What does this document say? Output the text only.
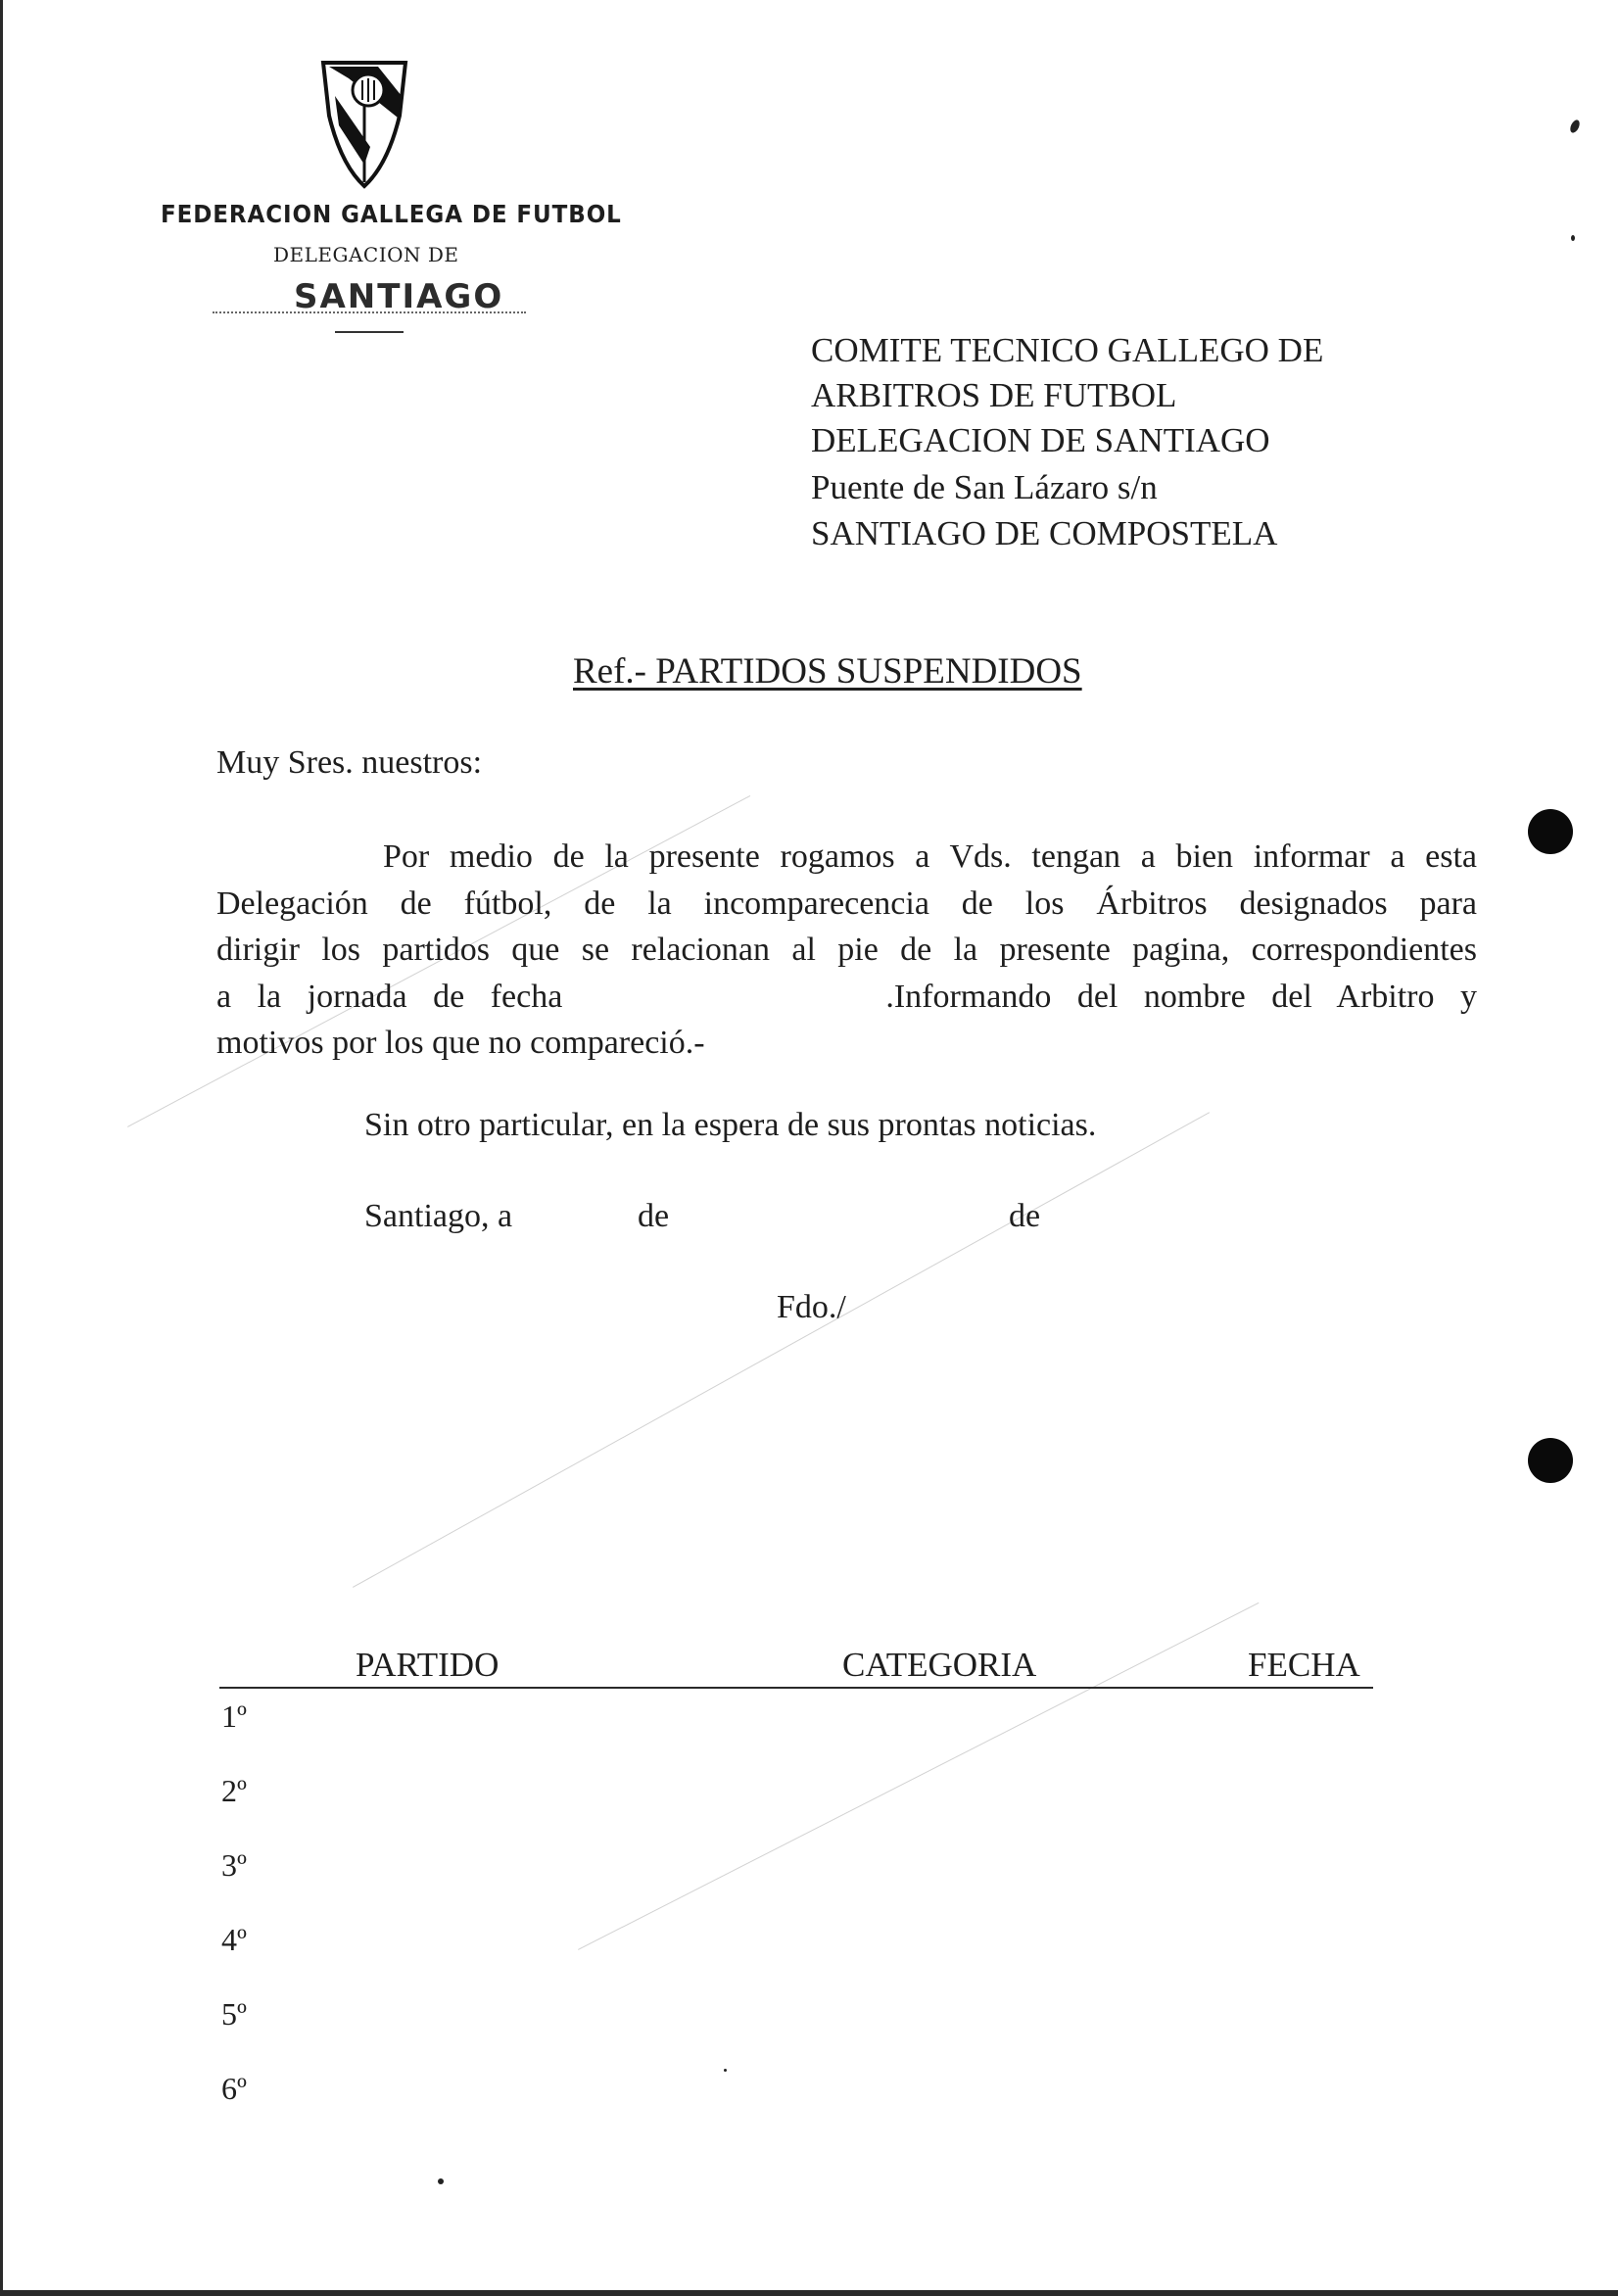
FEDERACION GALLEGA DE FUTBOL
DELEGACION DE
SANTIAGO
COMITE TECNICO GALLEGO DE
ARBITROS DE FUTBOL
DELEGACION DE SANTIAGO
Puente de San Lázaro s/n
SANTIAGO DE COMPOSTELA
Ref.- PARTIDOS SUSPENDIDOS
Muy Sres. nuestros:
Por medio de la presente rogamos a Vds. tengan a bien informar a esta
Delegación de fútbol, de la incomparecencia de los Árbitros designados para
dirigir los partidos que se relacionan al pie de la presente pagina, correspondientes
a la jornada de fecha	.Informando del nombre del Arbitro y
motivos por los que no compareció.-
Sin otro particular, en la espera de sus prontas noticias.
Santiago, a	de	de
Fdo./
PARTIDO	CATEGORIA	FECHA
1º
2º
3º
4º
5º
6º
